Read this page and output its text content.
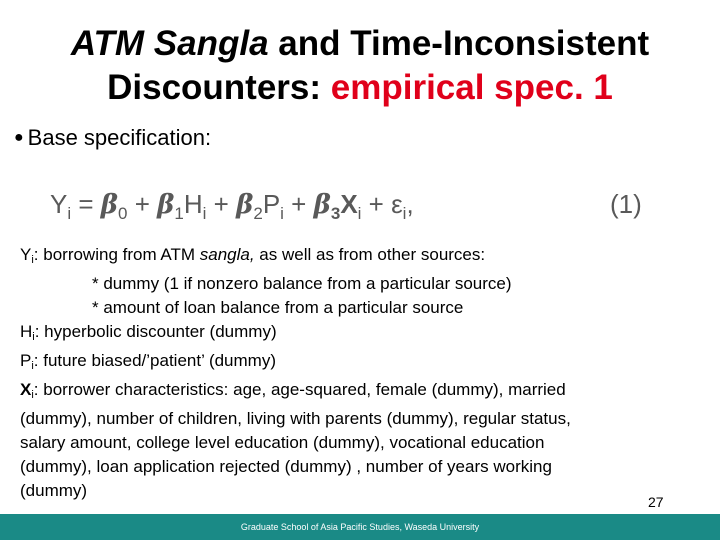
ATM Sangla and Time-Inconsistent
Discounters: empirical spec. 1
● Base specification:
$Y_i = \beta_0 + \beta_1H_i + \beta_2P_i + \beta_3X_i + \varepsilon_i$,	(1)
$Y_i$: borrowing from ATM sangla, as well as from other sources:
* dummy (1 if nonzero balance from a particular source)
* amount of loan balance from a particular source
$H_i$: hyperbolic discounter (dummy)
$P_i$: future biased/’patient’ (dummy)
$X_i$: borrower characteristics: age, age-squared, female (dummy), married
(dummy), number of children, living with parents (dummy), regular status,
salary amount, college level education (dummy), vocational education
(dummy), loan application rejected (dummy) , number of years working
(dummy)
27
Graduate School of Asia Pacific Studies, Waseda University
